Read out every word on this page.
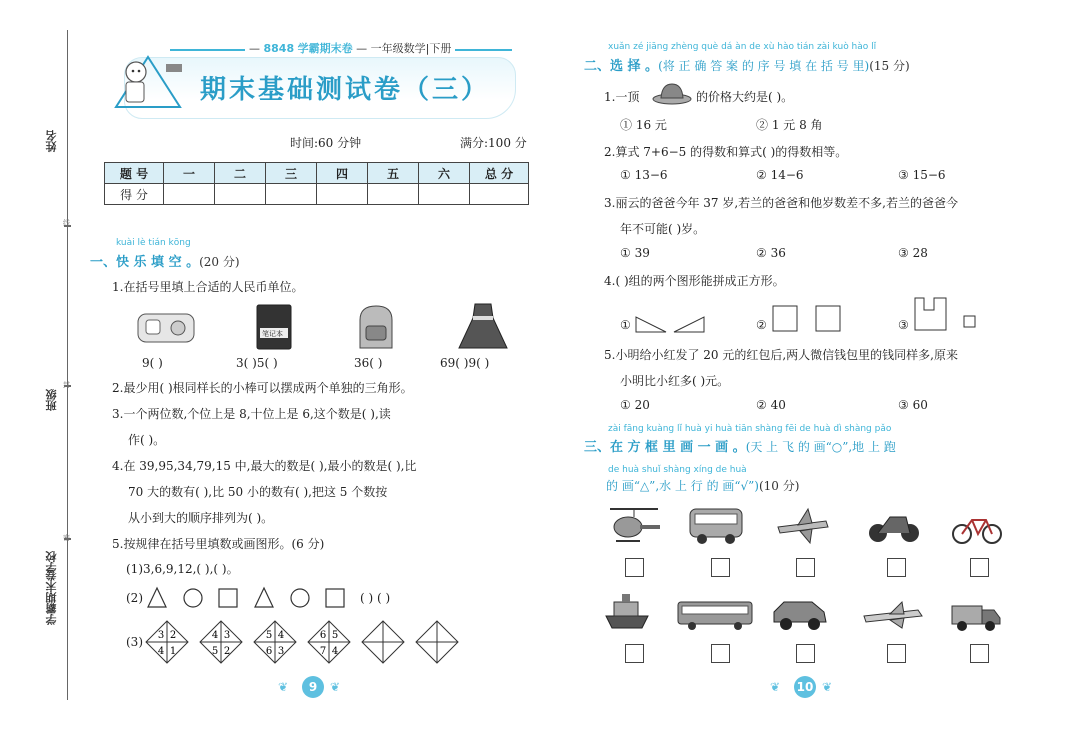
线
封
密
姓名
班级
学校
学霸期末卷
— 8848 学霸期末卷 — 一年级数学|下册
期末基础测试卷（三）
时间:60 分钟	满分:100 分
题 号	一	二	三	四	五	六	总 分
得 分							
kuài lè tián kōng
一、快 乐 填 空 。(20 分)
1.在括号里填上合适的人民币单位。
笔记本
9( )	3( )5( )	36( )	69( )9( )
2.最少用( )根同样长的小棒可以摆成两个单独的三角形。
3.一个两位数,个位上是 8,十位上是 6,这个数是( ),读
作( )。
4.在 39,95,34,79,15 中,最大的数是( ),最小的数是( ),比
70 大的数有( ),比 50 小的数有( ),把这 5 个数按
从小到大的顺序排列为( )。
5.按规律在括号里填数或画图形。(6 分)
(1)3,6,9,12,( ),( )。
(2)	( ) ( )
(3) 3 2
4 1
4 3
5 2
5 4
6 3
6 5
7 4
❦	9	❦
xuǎn zé jiāng zhèng què dá àn de xù hào tián zài kuò hào lǐ
二、选 择 。(将 正 确 答 案 的 序 号 填 在 括 号 里)(15 分)
1.一顶	的价格大约是( )。
① 16 元	② 1 元 8 角
2.算式 7+6−5 的得数和算式( )的得数相等。
① 13−6	② 14−6	③ 15−6
3.丽云的爸爸今年 37 岁,若兰的爸爸和他岁数差不多,若兰的爸爸今
年不可能( )岁。
① 39	② 36	③ 28
4.( )组的两个图形能拼成正方形。
①	②	③
5.小明给小红发了 20 元的红包后,两人微信钱包里的钱同样多,原来
小明比小红多( )元。
① 20	② 40	③ 60
zài fāng kuàng lǐ huà yi huà tiān shàng fēi de huà dì shàng pǎo
三、在 方 框 里 画 一 画 。(天 上 飞 的 画“○”,地 上 跑
de huà shuǐ shàng xíng de huà
的 画“△”,水 上 行 的 画“√”)(10 分)
❦ 10 ❦
